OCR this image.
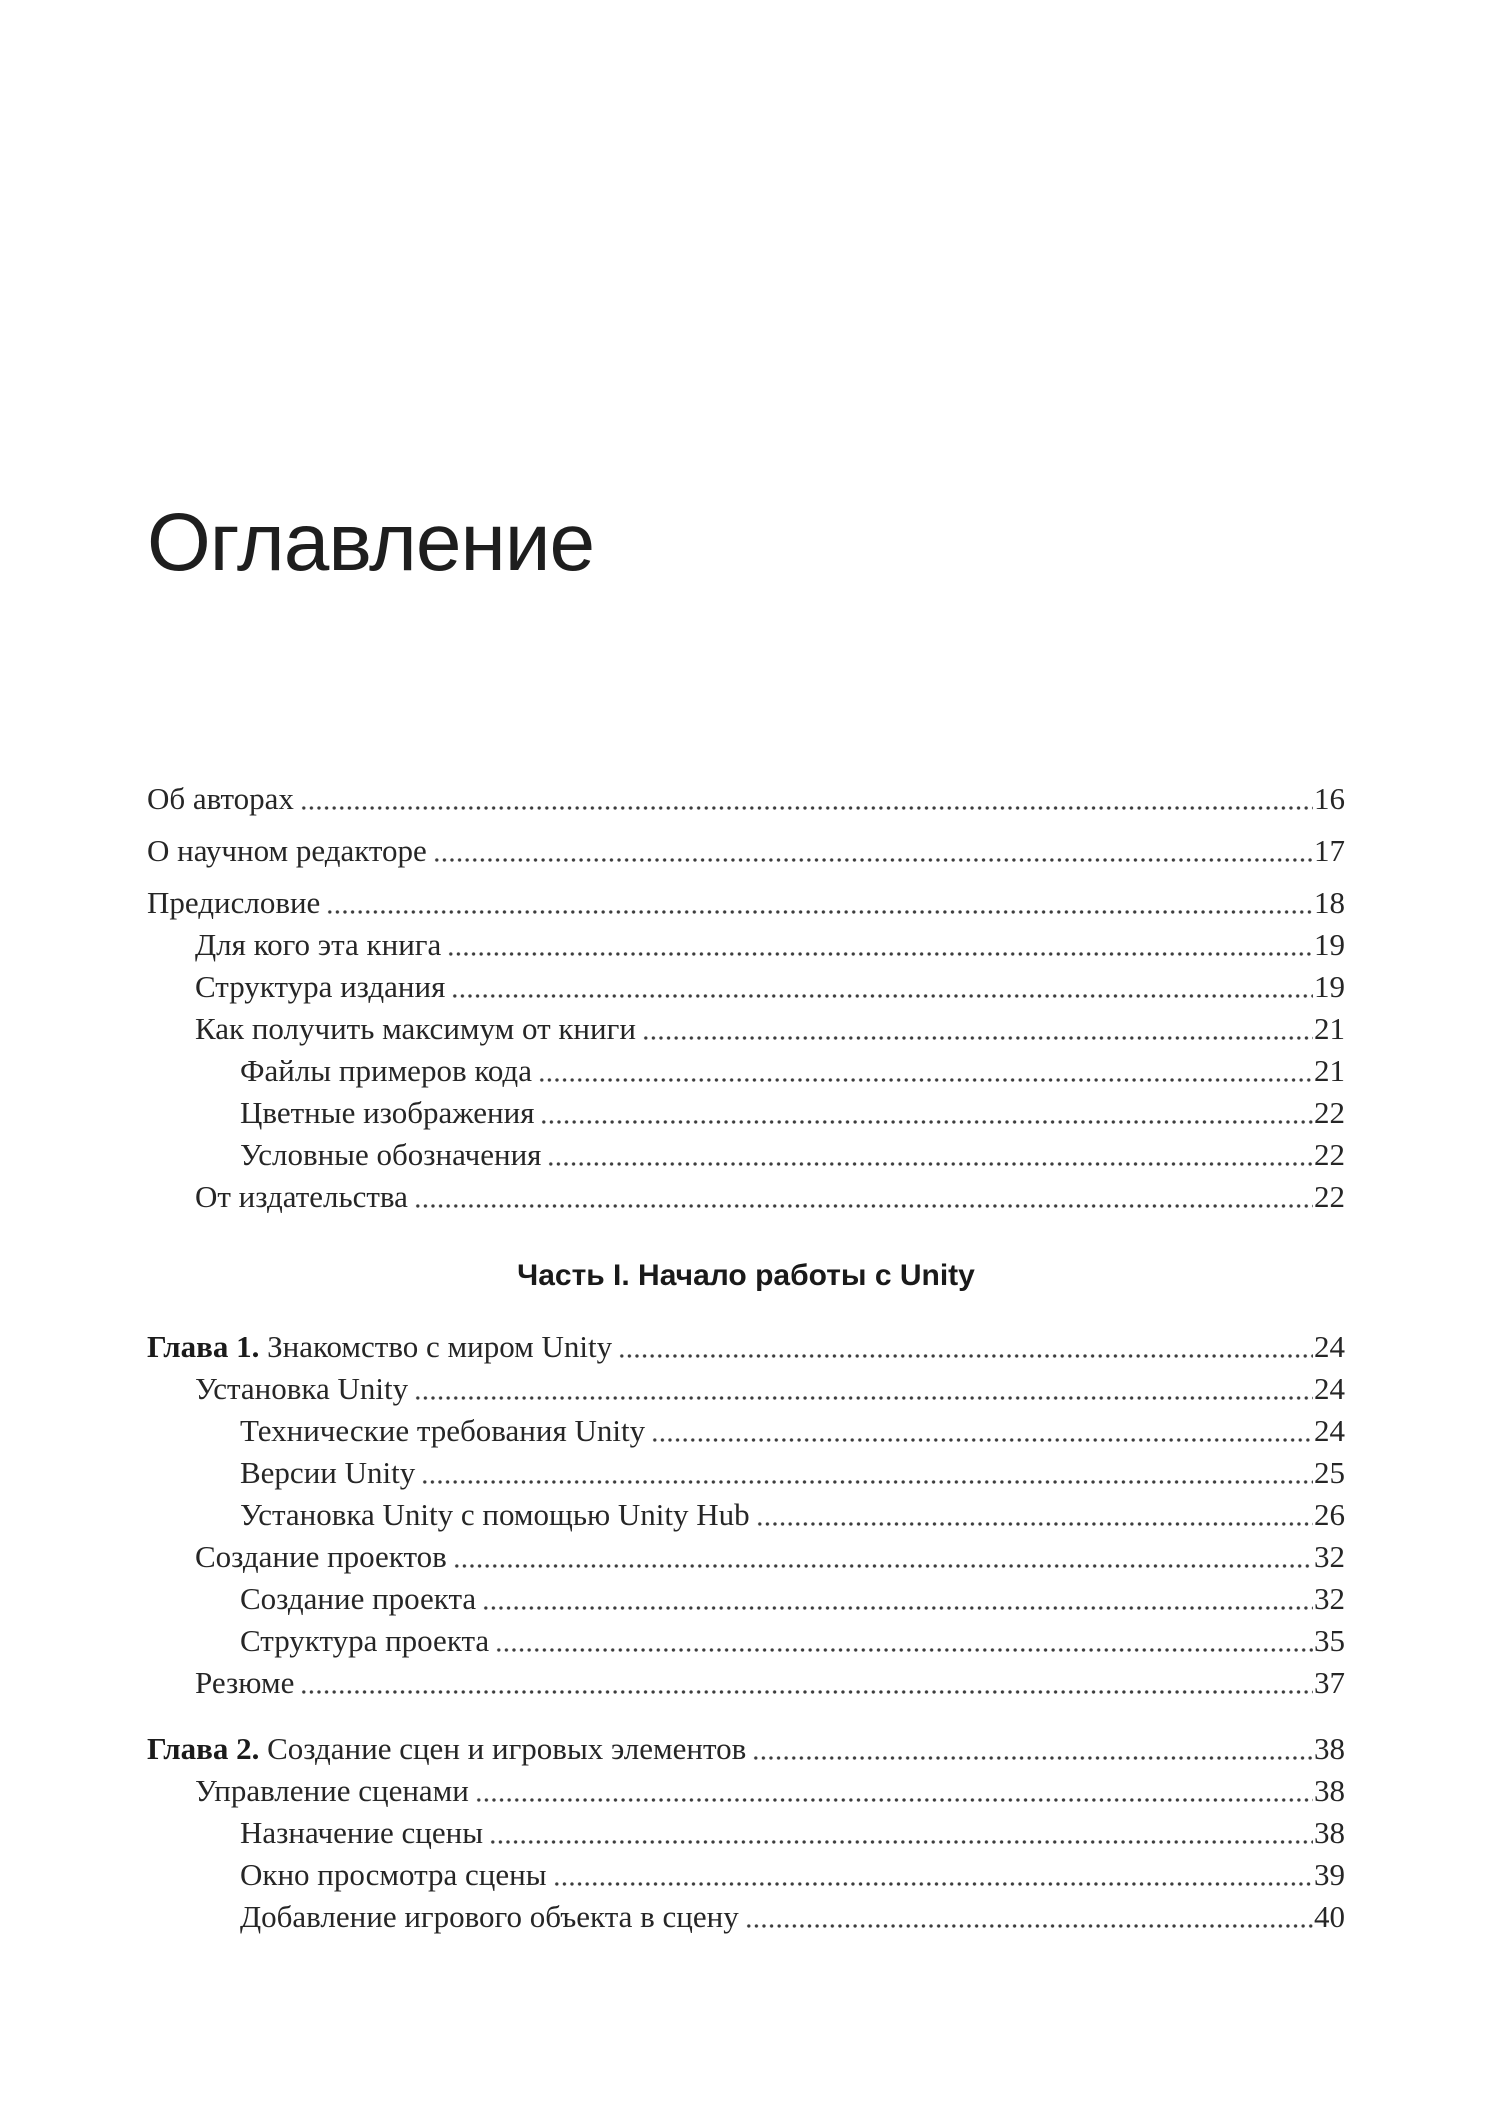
Оглавление
Об авторах	16
О научном редакторе	17
Предисловие	18
Для кого эта книга	19
Структура издания	19
Как получить максимум от книги	21
Файлы примеров кода	21
Цветные изображения	22
Условные обозначения	22
От издательства	22
Часть I. Начало работы с Unity
Глава 1. Знакомство с миром Unity	24
Установка Unity	24
Технические требования Unity	24
Версии Unity	25
Установка Unity с помощью Unity Hub	26
Создание проектов	32
Создание проекта	32
Структура проекта	35
Резюме	37
Глава 2. Создание сцен и игровых элементов	38
Управление сценами	38
Назначение сцены	38
Окно просмотра сцены	39
Добавление игрового объекта в сцену	40
